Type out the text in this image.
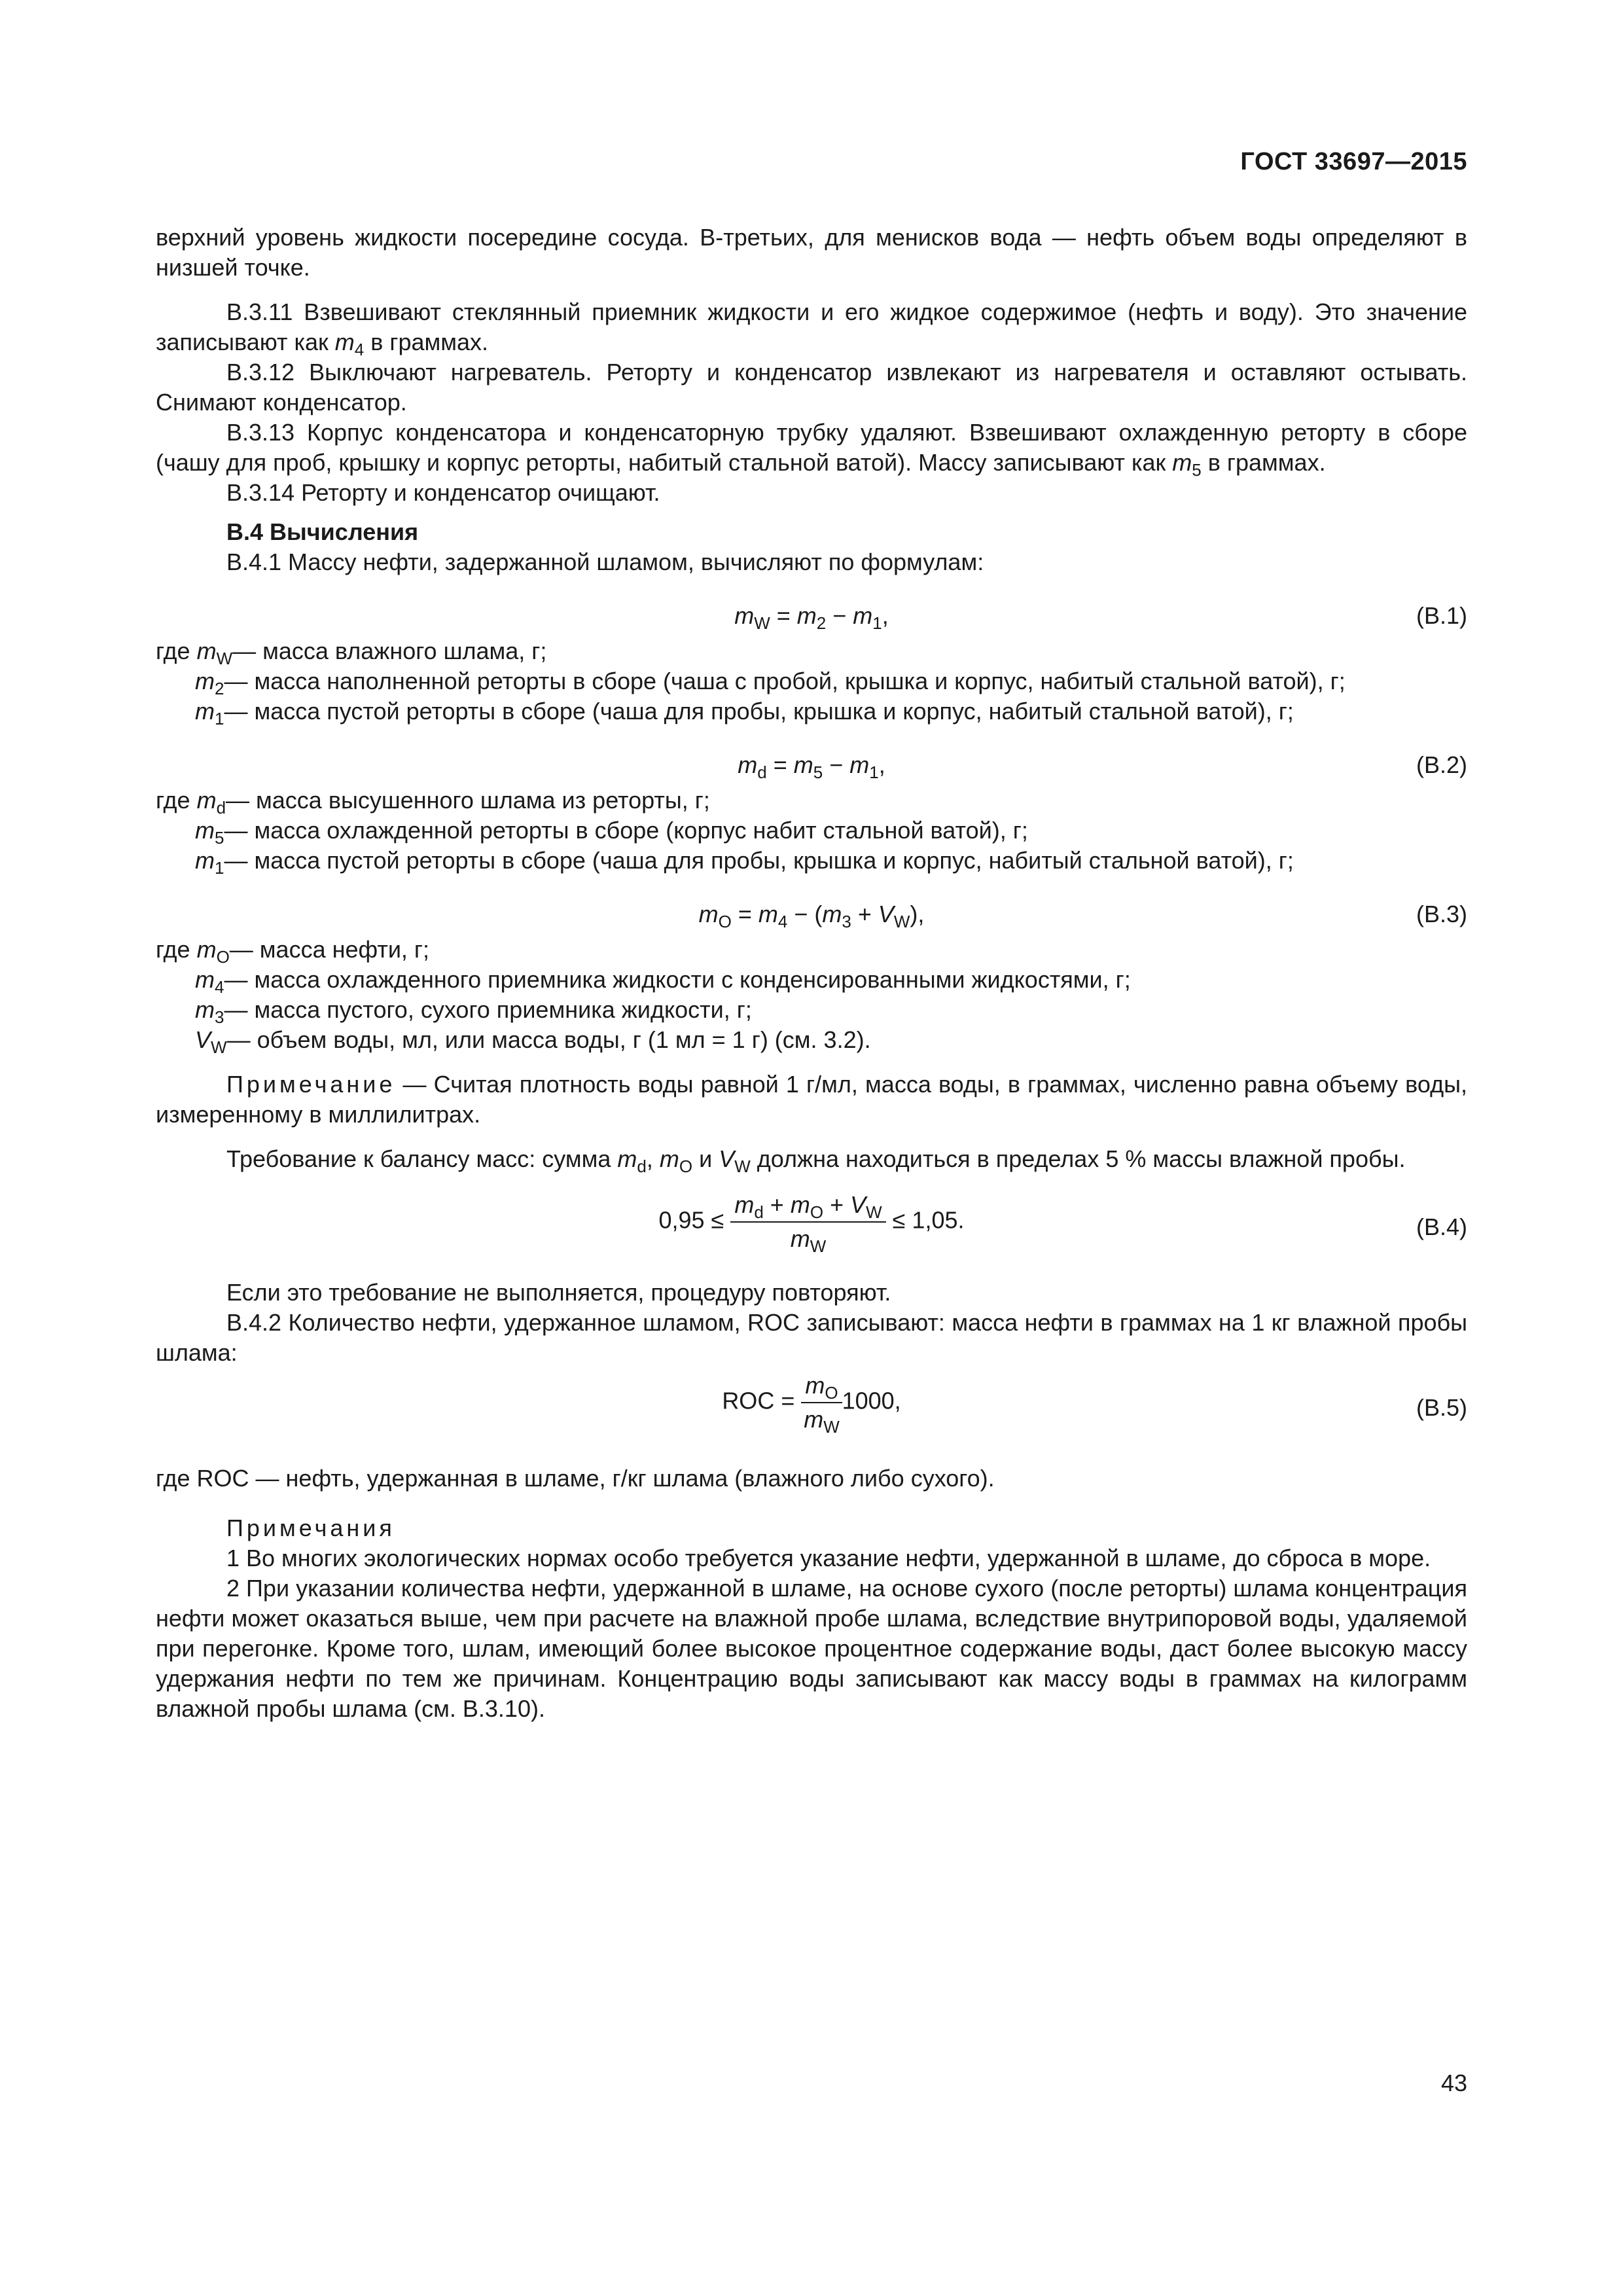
ГОСТ 33697—2015

верхний уровень жидкости посередине сосуда. В-третьих, для менисков вода — нефть объем воды определяют в низшей точке.

В.3.11 Взвешивают стеклянный приемник жидкости и его жидкое содержимое (нефть и воду). Это значение записывают как $m_4$ в граммах.

В.3.12 Выключают нагреватель. Реторту и конденсатор извлекают из нагревателя и оставляют остывать. Снимают конденсатор.

В.3.13 Корпус конденсатора и конденсаторную трубку удаляют. Взвешивают охлажденную реторту в сборе (чашу для проб, крышку и корпус реторты, набитый стальной ватой). Массу записывают как $m_5$ в граммах.

В.3.14 Реторту и конденсатор очищают.

В.4 Вычисления

В.4.1 Массу нефти, задержанной шламом, вычисляют по формулам:

$m_W = m_2 - m_1$,	(В.1)

где
$m_W$ — масса влажного шлама, г;

$m_2$ — масса наполненной реторты в сборе (чаша с пробой, крышка и корпус, набитый стальной ватой), г;

$m_1$ — масса пустой реторты в сборе (чаша для пробы, крышка и корпус, набитый стальной ватой), г;

$m_d = m_5 - m_1$,	(В.2)

где
$m_d$ — масса высушенного шлама из реторты, г;

$m_5$ — масса охлажденной реторты в сборе (корпус набит стальной ватой), г;

$m_1$ — масса пустой реторты в сборе (чаша для пробы, крышка и корпус, набитый стальной ватой), г;

$m_O = m_4 - (m_3 + V_W)$,	(В.3)

где
$m_O$ — масса нефти, г;

$m_4$ — масса охлажденного приемника жидкости с конденсированными жидкостями, г;

$m_3$ — масса пустого, сухого приемника жидкости, г;

$V_W$ — объем воды, мл, или масса воды, г (1 мл = 1 г) (см. 3.2).

Примечание — Считая плотность воды равной 1 г/мл, масса воды, в граммах, численно равна объему воды, измеренному в миллилитрах.

Требование к балансу масс: сумма $m_d$, $m_O$ и $V_W$ должна находиться в пределах 5 % массы влажной пробы.

$0,95 \le \frac{m_d + m_O + V_W}{m_W} \le 1,05$.	(В.4)

Если это требование не выполняется, процедуру повторяют.

В.4.2 Количество нефти, удержанное шламом, ROC записывают: масса нефти в граммах на 1 кг влажной пробы шлама:

ROC = $\frac{m_O}{m_W} 1000$,	(В.5)

где ROC — нефть, удержанная в шламе, г/кг шлама (влажного либо сухого).

Примечания

1 Во многих экологических нормах особо требуется указание нефти, удержанной в шламе, до сброса в море.

2 При указании количества нефти, удержанной в шламе, на основе сухого (после реторты) шлама концентрация нефти может оказаться выше, чем при расчете на влажной пробе шлама, вследствие внутрипоровой воды, удаляемой при перегонке. Кроме того, шлам, имеющий более высокое процентное содержание воды, даст более высокую массу удержания нефти по тем же причинам. Концентрацию воды записывают как массу воды в граммах на килограмм влажной пробы шлама (см. В.3.10).

43
